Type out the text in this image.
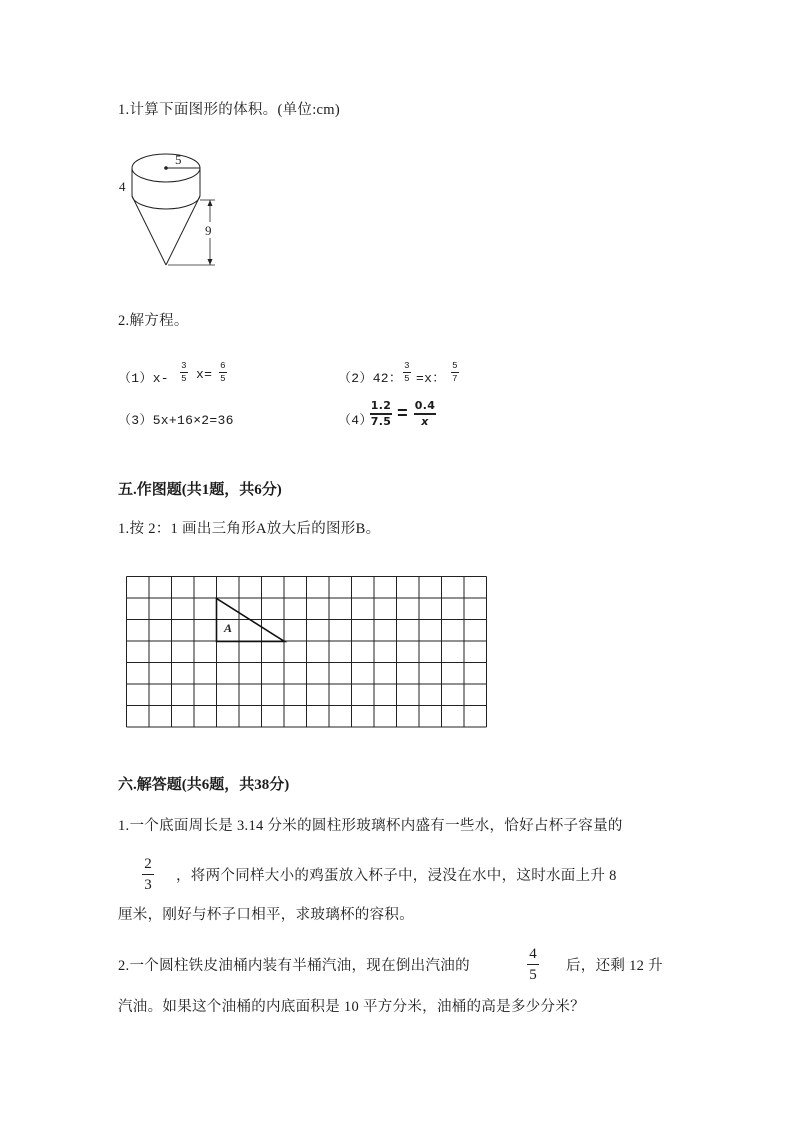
1.计算下面图形的体积。(单位:cm)
5
4
9
2.解方程。
（1）x-
3
5 x=
6
5	（2）42：
3
5 =x：
5
7
（3）5x+16×2=36	（4）
1.2
7.5 = 0.4
x
五.作图题(共1题，共6分)
1.按 2：1 画出三角形A放大后的图形B。
A
六.解答题(共6题，共38分)
1.一个底面周长是 3.14 分米的圆柱形玻璃杯内盛有一些水，恰好占杯子容量的
2
3
，将两个同样大小的鸡蛋放入杯子中，浸没在水中，这时水面上升 8
厘米，刚好与杯子口相平，求玻璃杯的容积。
2.一个圆柱铁皮油桶内装有半桶汽油，现在倒出汽油的
4
5
后，还剩 12 升
汽油。如果这个油桶的内底面积是 10 平方分米，油桶的高是多少分米？
